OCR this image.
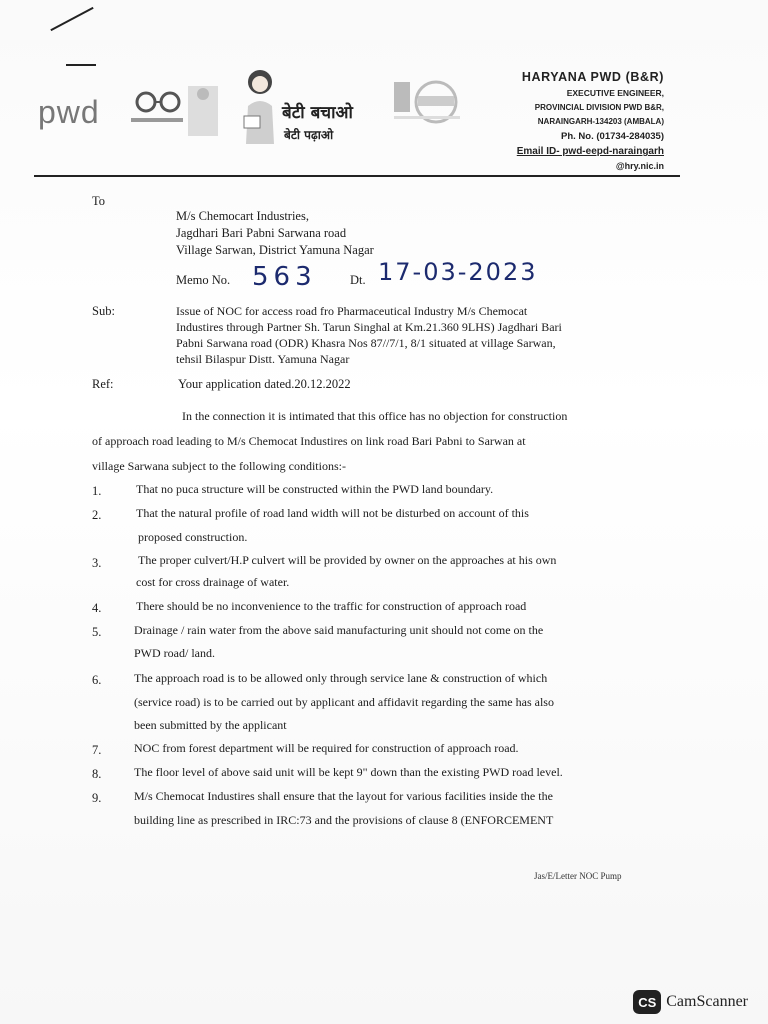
pwd	बेटी बचाओ
बेटी पढ़ाओ
HARYANA PWD (B&R)
EXECUTIVE ENGINEER,
PROVINCIAL DIVISION PWD B&R,
NARAINGARH-134203 (AMBALA)
Ph. No. (01734-284035)
Email ID- pwd-eepd-naraingarh
@hry.nic.in
To
M/s Chemocart Industries,
Jagdhari Bari Pabni Sarwana road
Village Sarwan, District Yamuna Nagar
Memo No. 563	Dt. 17-03-2023
Sub:	Issue of NOC for access road fro Pharmaceutical Industry M/s Chemocat
Industires through Partner Sh. Tarun Singhal at Km.21.360 9LHS) Jagdhari Bari
Pabni Sarwana road (ODR) Khasra Nos 87//7/1, 8/1 situated at village Sarwan,
tehsil Bilaspur Distt. Yamuna Nagar
Ref:	Your application dated.20.12.2022
In the connection it is intimated that this office has no objection for construction
of approach road leading to M/s Chemocat Industires on link road Bari Pabni to Sarwan at
village Sarwana subject to the following conditions:-
1.	That no puca structure will be constructed within the PWD land boundary.
2.	That the natural profile of road land width will not be disturbed on account of this
proposed construction.
3.	The proper culvert/H.P culvert will be provided by owner on the approaches at his own
cost for cross drainage of water.
4.	There should be no inconvenience to the traffic for construction of approach road
5.	Drainage / rain water from the above said manufacturing unit should not come on the
PWD road/ land.
6.	The approach road is to be allowed only through service lane & construction of which
(service road) is to be carried out by applicant and affidavit regarding the same has also
been submitted by the applicant
7.	NOC from forest department will be required for construction of approach road.
8.	The floor level of above said unit will be kept 9" down than the existing PWD road level.
9.	M/s Chemocat Industires shall ensure that the layout for various facilities inside the the
building line as prescribed in IRC:73 and the provisions of clause 8 (ENFORCEMENT
Jas/E/Letter NOC Pump
CS CamScanner
